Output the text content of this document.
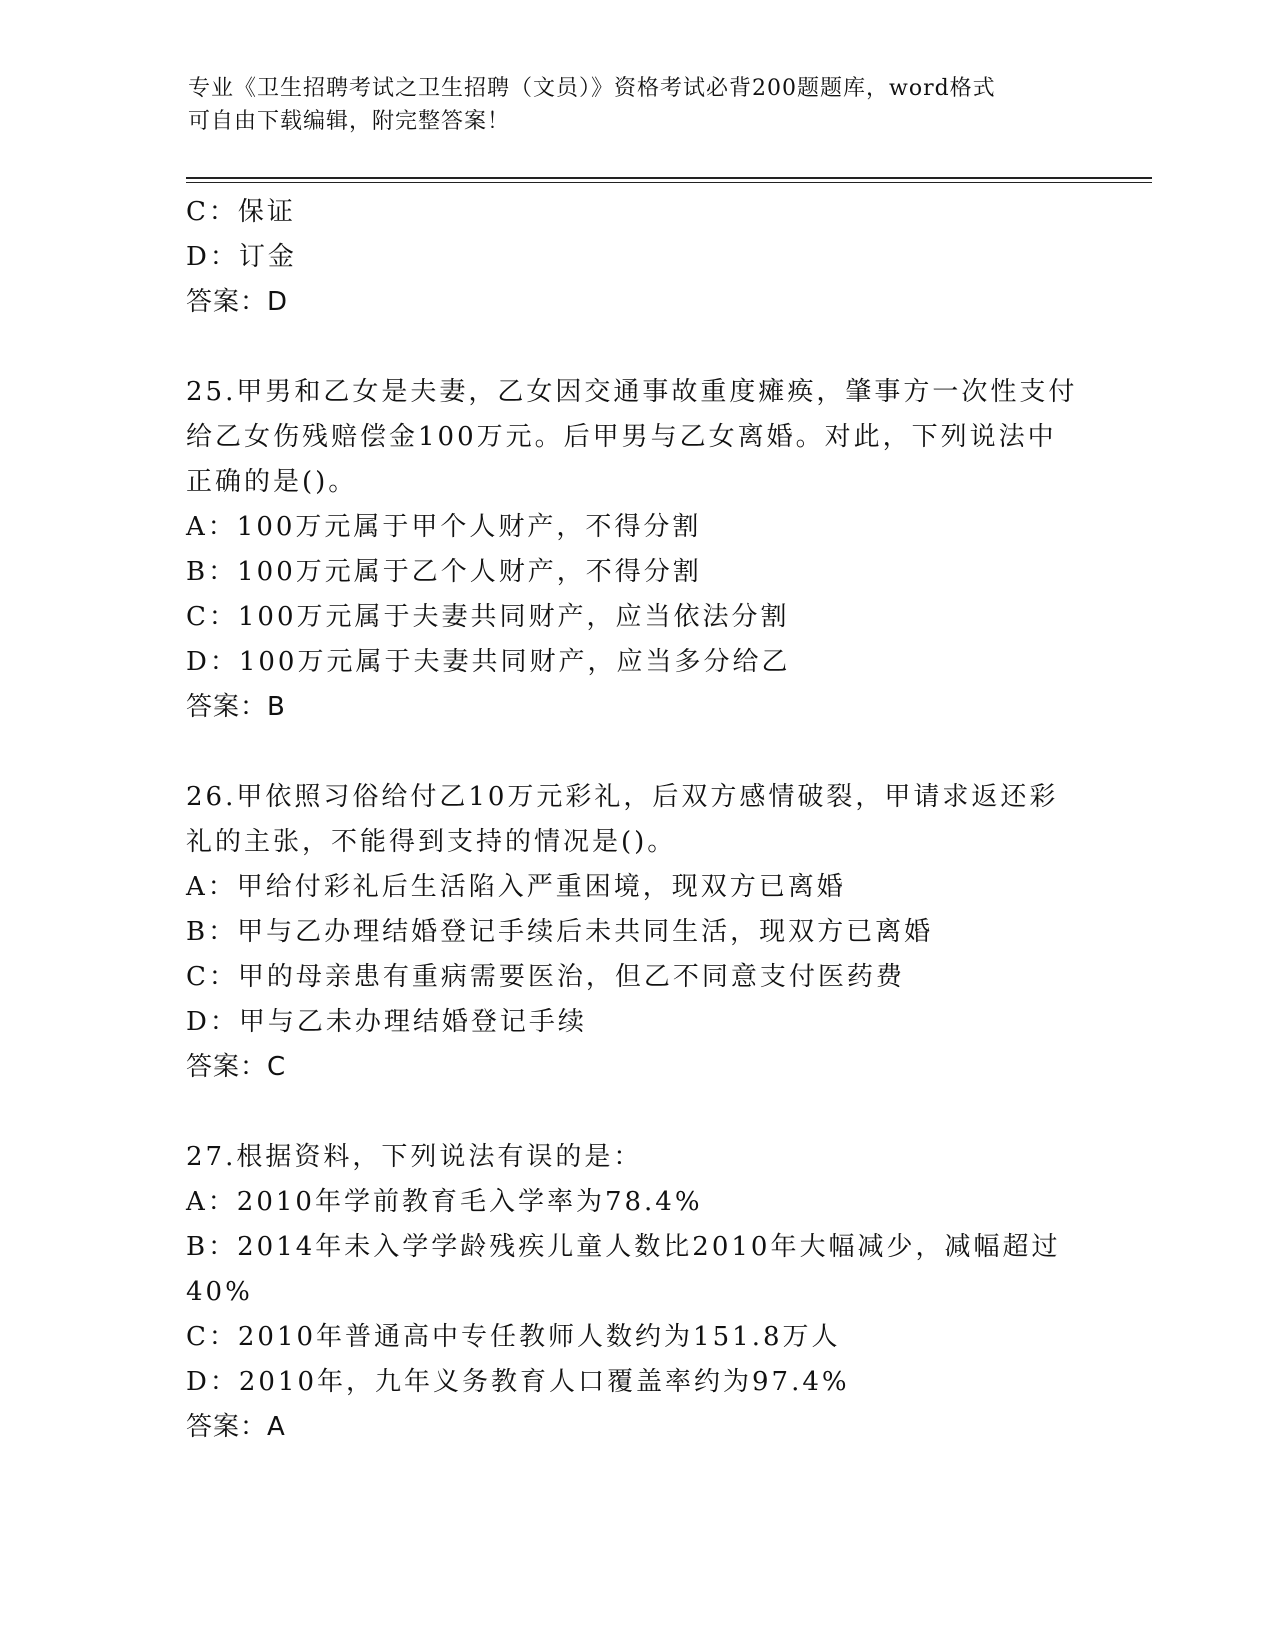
专业《卫生招聘考试之卫生招聘（文员）》资格考试必背200题题库，word格式
可自由下载编辑，附完整答案！
C：保证
D：订金
答案：D
25.甲男和乙女是夫妻，乙女因交通事故重度瘫痪，肇事方一次性支付
给乙女伤残赔偿金100万元。后甲男与乙女离婚。对此，下列说法中
正确的是()。
A：100万元属于甲个人财产，不得分割
B：100万元属于乙个人财产，不得分割
C：100万元属于夫妻共同财产，应当依法分割
D：100万元属于夫妻共同财产，应当多分给乙
答案：B
26.甲依照习俗给付乙10万元彩礼，后双方感情破裂，甲请求返还彩
礼的主张，不能得到支持的情况是()。
A：甲给付彩礼后生活陷入严重困境，现双方已离婚
B：甲与乙办理结婚登记手续后未共同生活，现双方已离婚
C：甲的母亲患有重病需要医治，但乙不同意支付医药费
D：甲与乙未办理结婚登记手续
答案：C
27.根据资料，下列说法有误的是：
A：2010年学前教育毛入学率为78.4%
B：2014年未入学学龄残疾儿童人数比2010年大幅减少，减幅超过
40%
C：2010年普通高中专任教师人数约为151.8万人
D：2010年，九年义务教育人口覆盖率约为97.4%
答案：A
